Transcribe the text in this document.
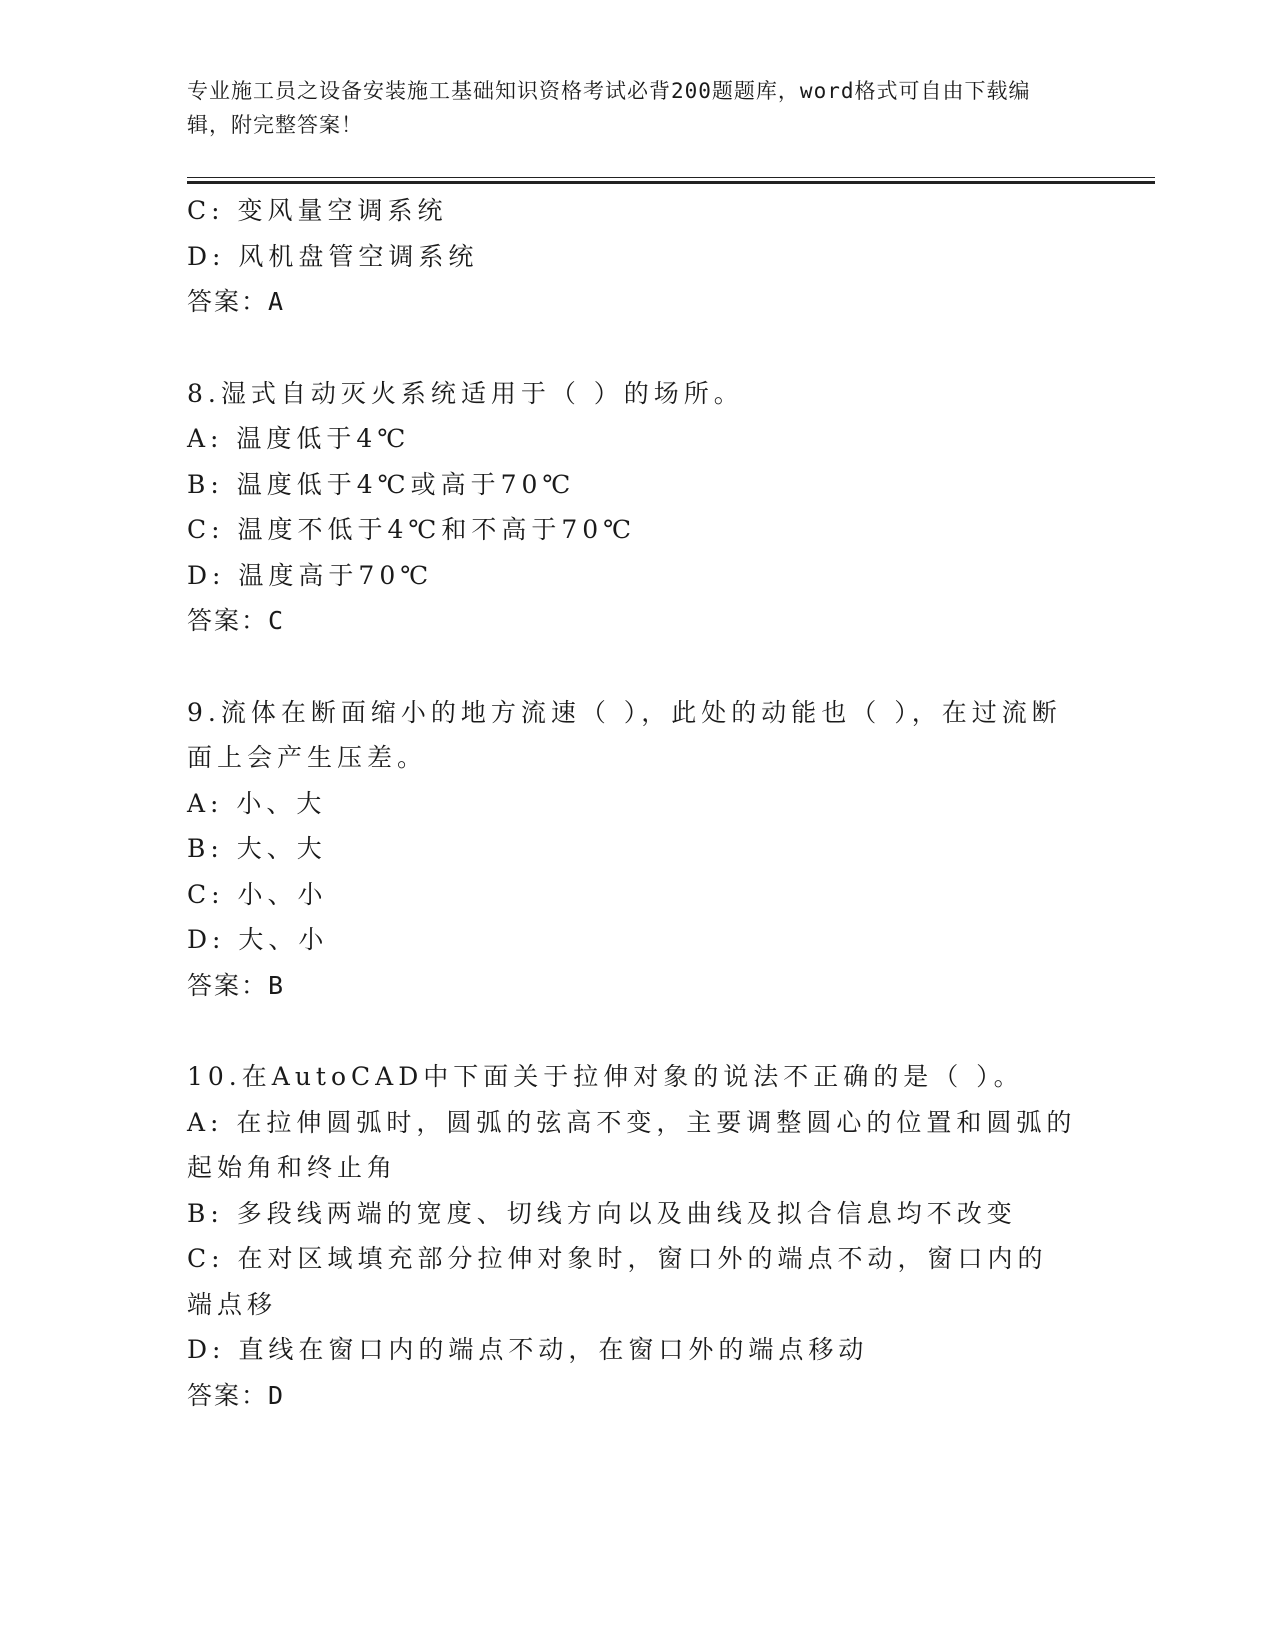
专业施工员之设备安装施工基础知识资格考试必背200题题库，word格式可自由下载编辑，附完整答案！
C: 变风量空调系统
D: 风机盘管空调系统
答案：A
8.湿式自动灭火系统适用于（ ）的场所。
A: 温度低于4℃
B: 温度低于4℃或高于70℃
C: 温度不低于4℃和不高于70℃
D: 温度高于70℃
答案：C
9.流体在断面缩小的地方流速（ ），此处的动能也（ ），在过流断面上会产生压差。
A: 小、大
B: 大、大
C: 小、小
D: 大、小
答案：B
10.在AutoCAD中下面关于拉伸对象的说法不正确的是（ ）。
A: 在拉伸圆弧时，圆弧的弦高不变，主要调整圆心的位置和圆弧的起始角和终止角
B: 多段线两端的宽度、切线方向以及曲线及拟合信息均不改变
C: 在对区域填充部分拉伸对象时，窗口外的端点不动，窗口内的端点移
D: 直线在窗口内的端点不动，在窗口外的端点移动
答案：D
